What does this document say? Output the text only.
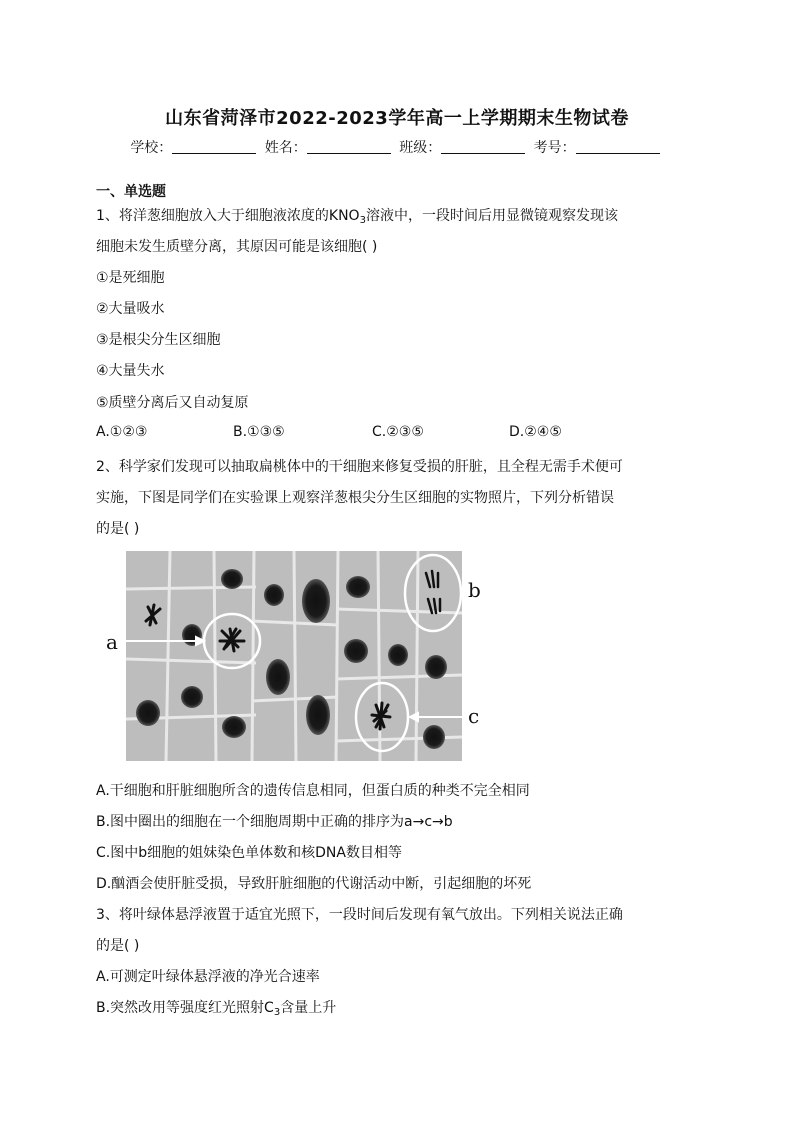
山东省菏泽市2022-2023学年高一上学期期末生物试卷
学校：	姓名：	班级：	考号：
一、单选题
1、将洋葱细胞放入大于细胞液浓度的$KNO_3$溶液中，一段时间后用显微镜观察发现该
细胞未发生质壁分离，其原因可能是该细胞( )
①是死细胞
②大量吸水
③是根尖分生区细胞
④大量失水
⑤质壁分离后又自动复原
A.①②③	B.①③⑤	C.②③⑤	D.②④⑤
2、科学家们发现可以抽取扁桃体中的干细胞来修复受损的肝脏，且全程无需手术便可
实施，下图是同学们在实验课上观察洋葱根尖分生区细胞的实物照片，下列分析错误
的是( )
a
b
c
A.干细胞和肝脏细胞所含的遗传信息相同，但蛋白质的种类不完全相同
B.图中圈出的细胞在一个细胞周期中正确的排序为a→c→b
C.图中b细胞的姐妹染色单体数和核DNA数目相等
D.酗酒会使肝脏受损，导致肝脏细胞的代谢活动中断，引起细胞的坏死
3、将叶绿体悬浮液置于适宜光照下，一段时间后发现有氧气放出。下列相关说法正确
的是( )
A.可测定叶绿体悬浮液的净光合速率
B.突然改用等强度红光照射$C_3$含量上升
